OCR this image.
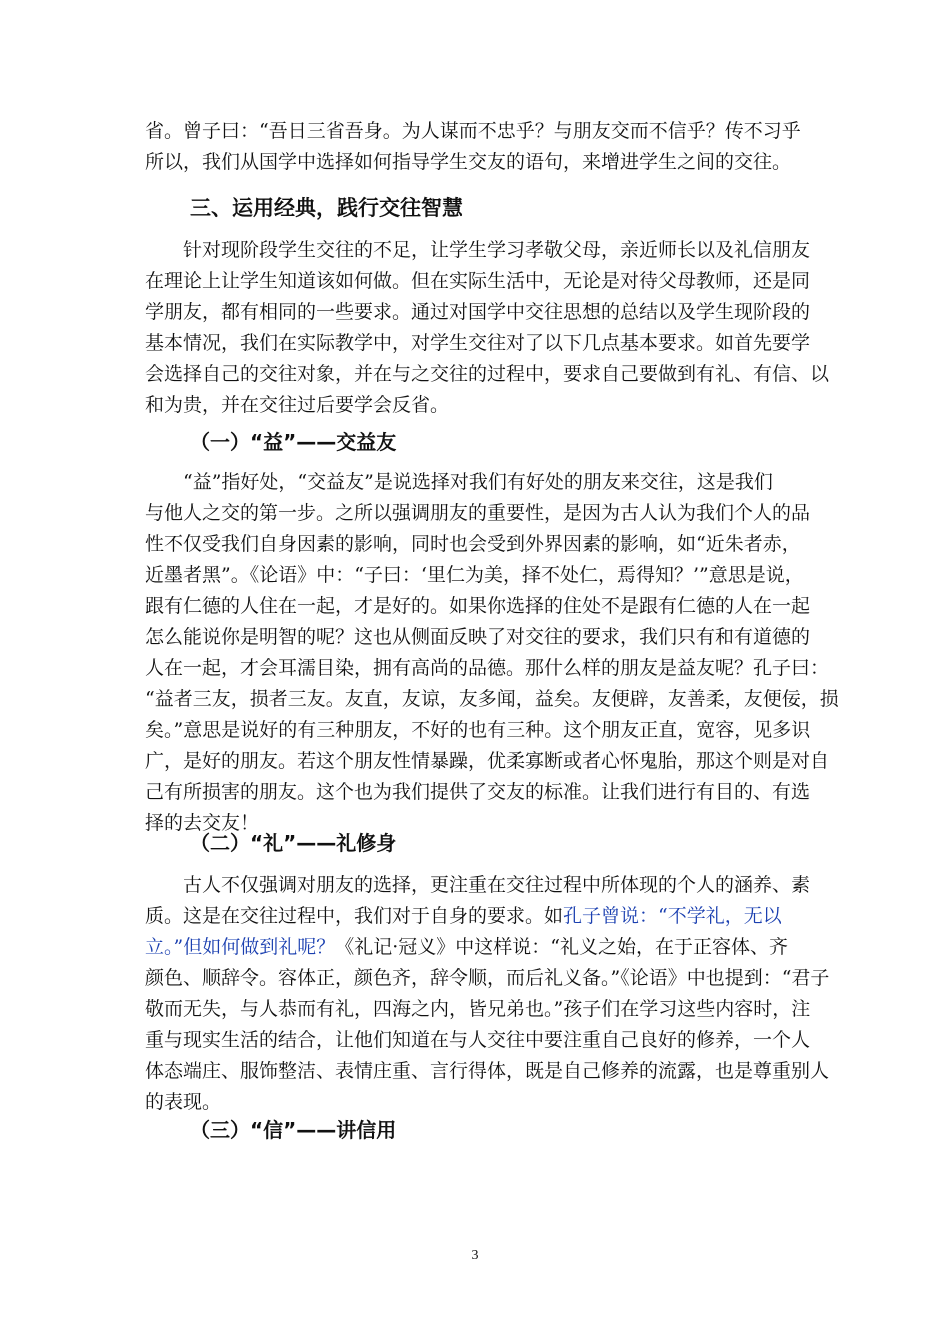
省。曾子曰：“吾日三省吾身。为人谋而不忠乎？与朋友交而不信乎？传不习乎
所以，我们从国学中选择如何指导学生交友的语句，来增进学生之间的交往。
三、运用经典，践行交往智慧
针对现阶段学生交往的不足，让学生学习孝敬父母，亲近师长以及礼信朋友
在理论上让学生知道该如何做。但在实际生活中，无论是对待父母教师，还是同
学朋友，都有相同的一些要求。通过对国学中交往思想的总结以及学生现阶段的
基本情况，我们在实际教学中，对学生交往对了以下几点基本要求。如首先要学
会选择自己的交往对象，并在与之交往的过程中，要求自己要做到有礼、有信、以
和为贵，并在交往过后要学会反省。
（一）“益”——交益友
“益”指好处，“交益友”是说选择对我们有好处的朋友来交往，这是我们
与他人之交的第一步。之所以强调朋友的重要性，是因为古人认为我们个人的品
性不仅受我们自身因素的影响，同时也会受到外界因素的影响，如“近朱者赤，
近墨者黑”。《论语》中：“子曰：‘里仁为美，择不处仁，焉得知？’”意思是说，
跟有仁德的人住在一起，才是好的。如果你选择的住处不是跟有仁德的人在一起
怎么能说你是明智的呢？这也从侧面反映了对交往的要求，我们只有和有道德的
人在一起，才会耳濡目染，拥有高尚的品德。那什么样的朋友是益友呢？孔子曰：
“益者三友，损者三友。友直，友谅，友多闻，益矣。友便辟，友善柔，友便佞，损
矣。”意思是说好的有三种朋友，不好的也有三种。这个朋友正直，宽容，见多识
广，是好的朋友。若这个朋友性情暴躁，优柔寡断或者心怀鬼胎，那这个则是对自
己有所损害的朋友。这个也为我们提供了交友的标准。让我们进行有目的、有选
择的去交友！
（二）“礼”——礼修身
古人不仅强调对朋友的选择，更注重在交往过程中所体现的个人的涵养、素
质。这是在交往过程中，我们对于自身的要求。如孔子曾说：“不学礼，无以
立。”但如何做到礼呢？《礼记·冠义》中这样说：“礼义之始，在于正容体、齐
颜色、顺辞令。容体正，颜色齐，辞令顺，而后礼义备。”《论语》中也提到：“君子
敬而无失，与人恭而有礼，四海之内，皆兄弟也。”孩子们在学习这些内容时，注
重与现实生活的结合，让他们知道在与人交往中要注重自己良好的修养，一个人
体态端庄、服饰整洁、表情庄重、言行得体，既是自己修养的流露，也是尊重别人
的表现。
（三）“信”——讲信用
3
